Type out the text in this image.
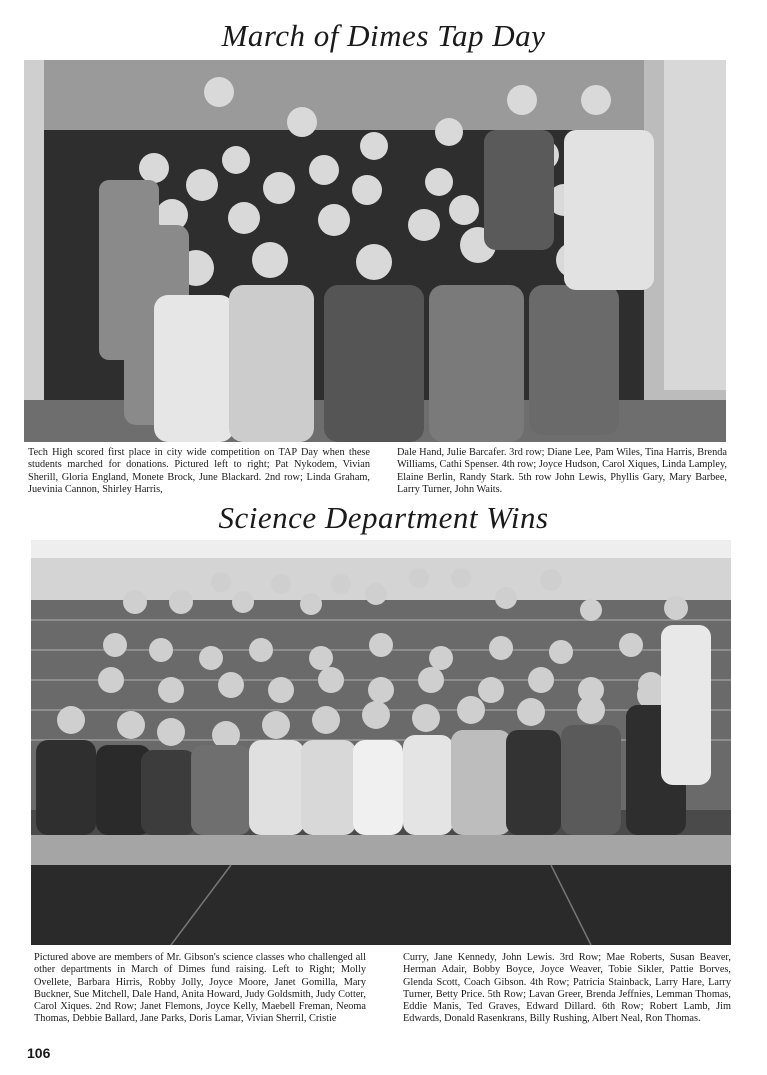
March of Dimes Tap Day

Tech High scored first place in city wide competition on TAP Day when these students marched for donations. Pictured left to right; Pat Nykodem, Vivian Sherill, Gloria England, Monete Brock, June Blackard. 2nd row; Linda Graham, Juevinia Cannon, Shirley Harris,

Dale Hand, Julie Barcafer. 3rd row; Diane Lee, Pam Wiles, Tina Harris, Brenda Williams, Cathi Spenser. 4th row; Joyce Hudson, Carol Xiques, Linda Lampley, Elaine Berlin, Randy Stark. 5th row John Lewis, Phyllis Gary, Mary Barbee, Larry Turner, John Waits.

Science Department Wins

Pictured above are members of Mr. Gibson's science classes who challenged all other departments in March of Dimes fund raising. Left to Right; Molly Ovellete, Barbara Hirris, Robby Jolly, Joyce Moore, Janet Gomilla, Mary Buckner, Sue Mitchell, Dale Hand, Anita Howard, Judy Goldsmith, Judy Cotter, Carol Xiques. 2nd Row; Janet Flemons, Joyce Kelly, Maebell Freman, Neoma Thomas, Debbie Ballard, Jane Parks, Doris Lamar, Vivian Sherril, Cristie

Curry, Jane Kennedy, John Lewis. 3rd Row; Mae Roberts, Susan Beaver, Herman Adair, Bobby Boyce, Joyce Weaver, Tobie Sikler, Pattie Borves, Glenda Scott, Coach Gibson. 4th Row; Patricia Stainback, Larry Hare, Larry Turner, Betty Price. 5th Row; Lavan Greer, Brenda Jeffnies, Lemman Thomas, Eddie Manis, Ted Graves, Edward Dillard. 6th Row; Robert Lamb, Jim Edwards, Donald Rasenkrans, Billy Rushing, Albert Neal, Ron Thomas.

106
